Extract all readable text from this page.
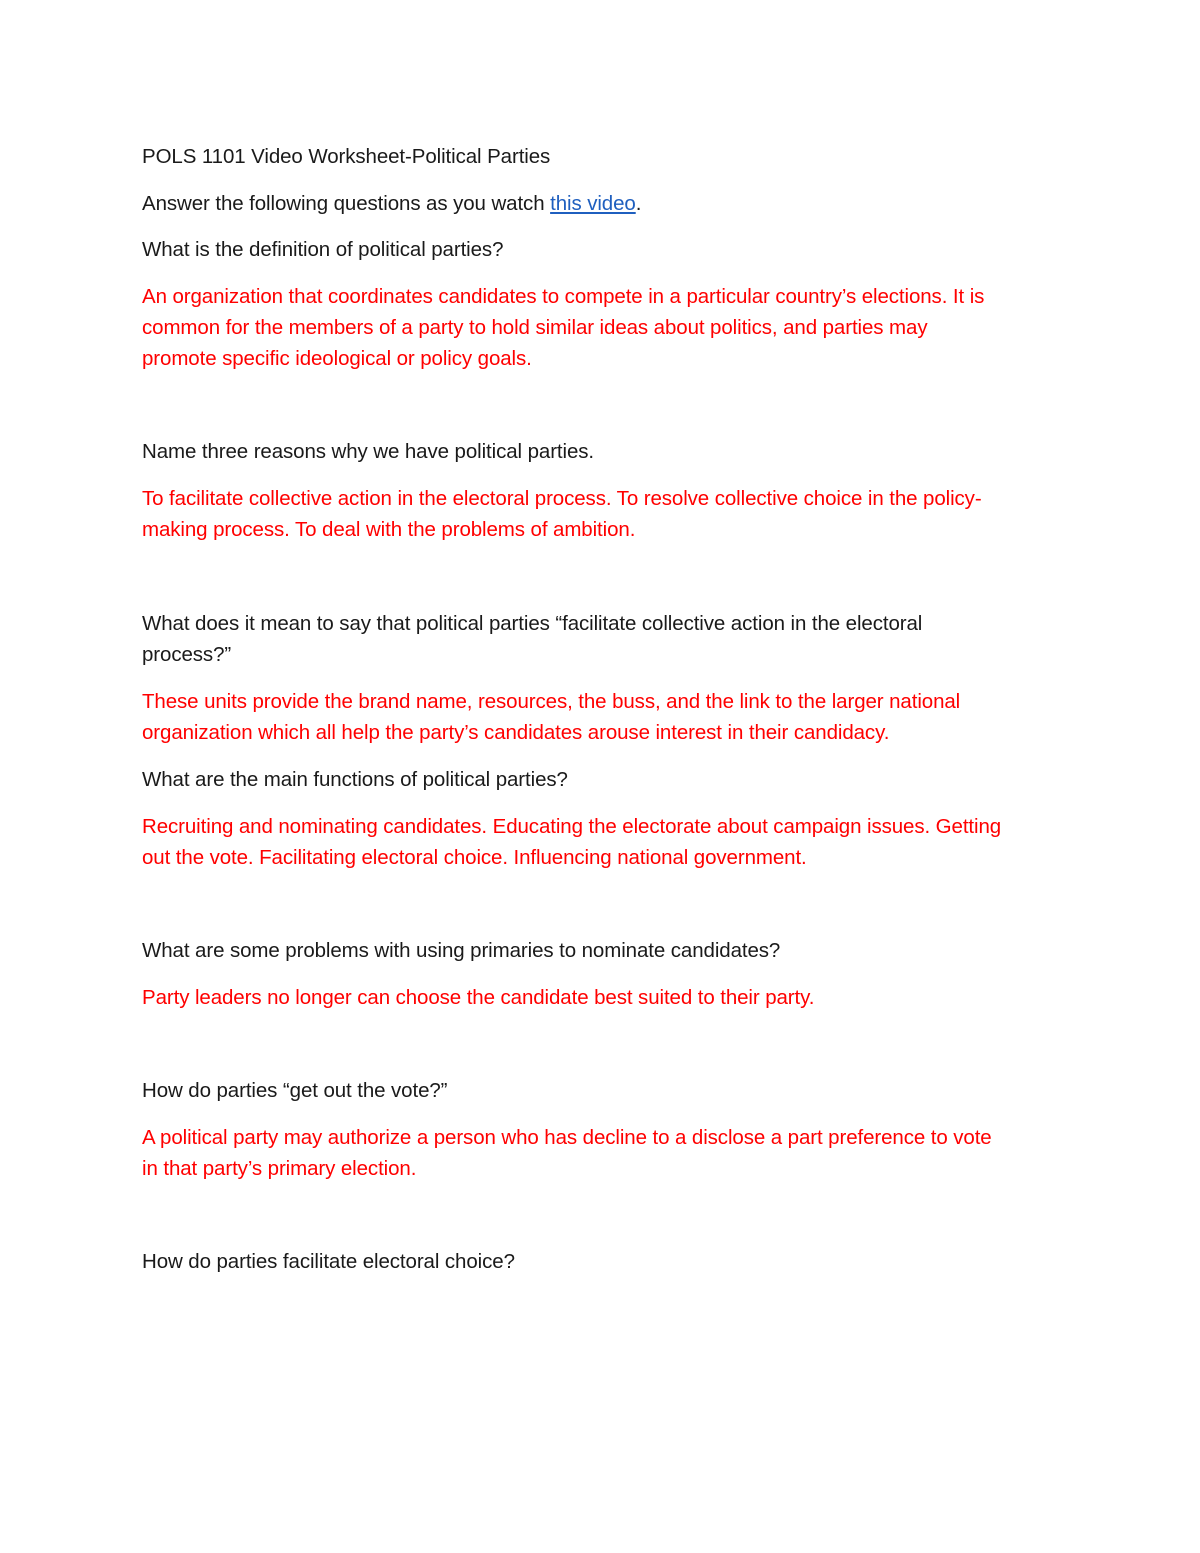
POLS 1101 Video Worksheet-Political Parties
Answer the following questions as you watch this video.
What is the definition of political parties?
An organization that coordinates candidates to compete in a particular country’s elections. It is
common for the members of a party to hold similar ideas about politics, and parties may
promote specific ideological or policy goals.
Name three reasons why we have political parties.
To facilitate collective action in the electoral process. To resolve collective choice in the policy-
making process. To deal with the problems of ambition.
What does it mean to say that political parties “facilitate collective action in the electoral
process?”
These units provide the brand name, resources, the buss, and the link to the larger national
organization which all help the party’s candidates arouse interest in their candidacy.
What are the main functions of political parties?
Recruiting and nominating candidates. Educating the electorate about campaign issues. Getting
out the vote. Facilitating electoral choice. Influencing national government.
What are some problems with using primaries to nominate candidates?
Party leaders no longer can choose the candidate best suited to their party.
How do parties “get out the vote?”
A political party may authorize a person who has decline to a disclose a part preference to vote
in that party’s primary election.
How do parties facilitate electoral choice?
